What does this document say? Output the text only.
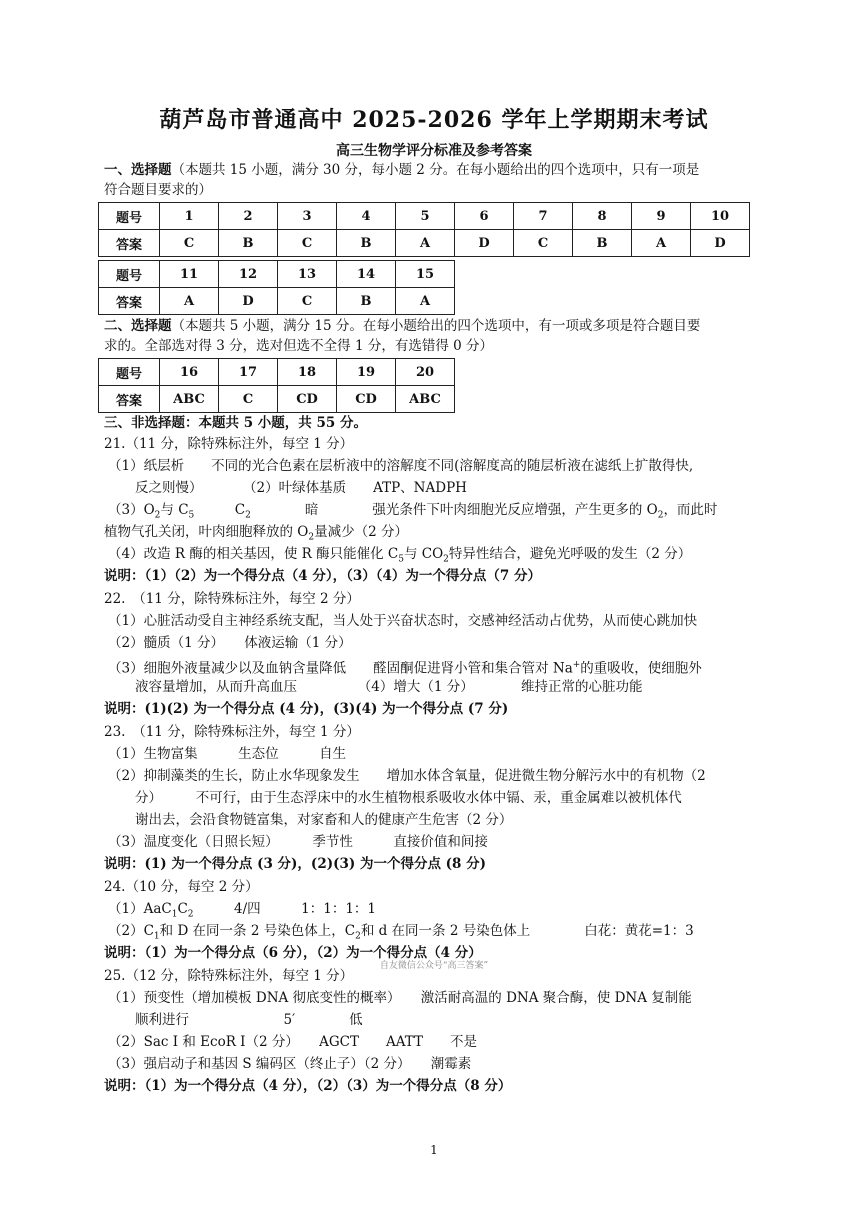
葫芦岛市普通高中 2025-2026 学年上学期期末考试
高三生物学评分标准及参考答案
一、选择题（本题共 15 小题，满分 30 分，每小题 2 分。在每小题给出的四个选项中，只有一项是
符合题目要求的）
题号	1	2	3	4	5	6	7	8	9	10
答案	C	B	C	B	A	D	C	B	A	D
题号	11	12	13	14	15
答案	A	D	C	B	A
二、选择题（本题共 5 小题，满分 15 分。在每小题给出的四个选项中，有一项或多项是符合题目要
求的。全部选对得 3 分，选对但选不全得 1 分，有选错得 0 分）
题号	16	17	18	19	20
答案	ABC	C	CD	CD	ABC
三、非选择题：本题共 5 小题，共 55 分。
21.（11 分，除特殊标注外，每空 1 分）
（1）纸层析　　不同的光合色素在层析液中的溶解度不同(溶解度高的随层析液在滤纸上扩散得快,
反之则慢）　　　　（2）叶绿体基质　　ATP、NADPH
$(3)O_2$与 $C_5$　　　$C_2$　　　　暗　　　　强光条件下叶肉细胞光反应增强，产生更多的 $O_2$，而此时
植物气孔关闭，叶肉细胞释放的 $O_2$量减少（2 分）
（4）改造 R 酶的相关基因，使 R 酶只能催化 $C_5$与 $CO_2$特异性结合，避免光呼吸的发生（2 分）
说明：（1）（2）为一个得分点（4 分），（3）（4）为一个得分点（7 分）
22.　（11 分，除特殊标注外，每空 2 分）
（1）心脏活动受自主神经系统支配，当人处于兴奋状态时，交感神经活动占优势，从而使心跳加快
（2）髓质（1 分）　　体液运输（1 分）
（3）细胞外液量减少以及血钠含量降低　　醛固酮促进肾小管和集合管对 Na+的重吸收，使细胞外
液容量增加，从而升高血压　　　　　（4）增大（1 分）　　　　维持正常的心脏功能
说明：(1)(2) 为一个得分点 (4 分)，(3)(4) 为一个得分点 (7 分)
23.　（11 分，除特殊标注外，每空 1 分）
（1）生物富集　　　生态位　　　自生
（2）抑制藻类的生长，防止水华现象发生　　增加水体含氧量，促进微生物分解污水中的有机物（2
分）　　　不可行，由于生态浮床中的水生植物根系吸收水体中镉、汞，重金属难以被机体代
谢出去，会沿食物链富集，对家畜和人的健康产生危害（2 分）
（3）温度变化（日照长短）　　　季节性　　　直接价值和间接
说明：(1) 为一个得分点 (3 分)，(2)(3) 为一个得分点 (8 分)
24.（10 分，每空 2 分）
$(1)AaC_1C_2$　　　4/四　　　1：1：1：1
$(2)C_1$和 D 在同一条 2 号染色体上，$C_2$和 d 在同一条 2 号染色体上　　　　白花：黄花=1：3
说明：（1）为一个得分点（6 分），（2）为一个得分点（4 分）
自友微信公众号“高三答案”
25.（12 分，除特殊标注外，每空 1 分）
（1）预变性（增加模板 DNA 彻底变性的概率）　　激活耐高温的 DNA 聚合酶，使 DNA 复制能
顺利进行　　　　　　　5′　　　　低
（2）Sac Ⅰ 和 EcoR Ⅰ（2 分）　　AGCT　　AATT　　不是
（3）强启动子和基因 S 编码区（终止子）（2 分）　　潮霉素
说明：（1）为一个得分点（4 分），（2）（3）为一个得分点（8 分）
1
